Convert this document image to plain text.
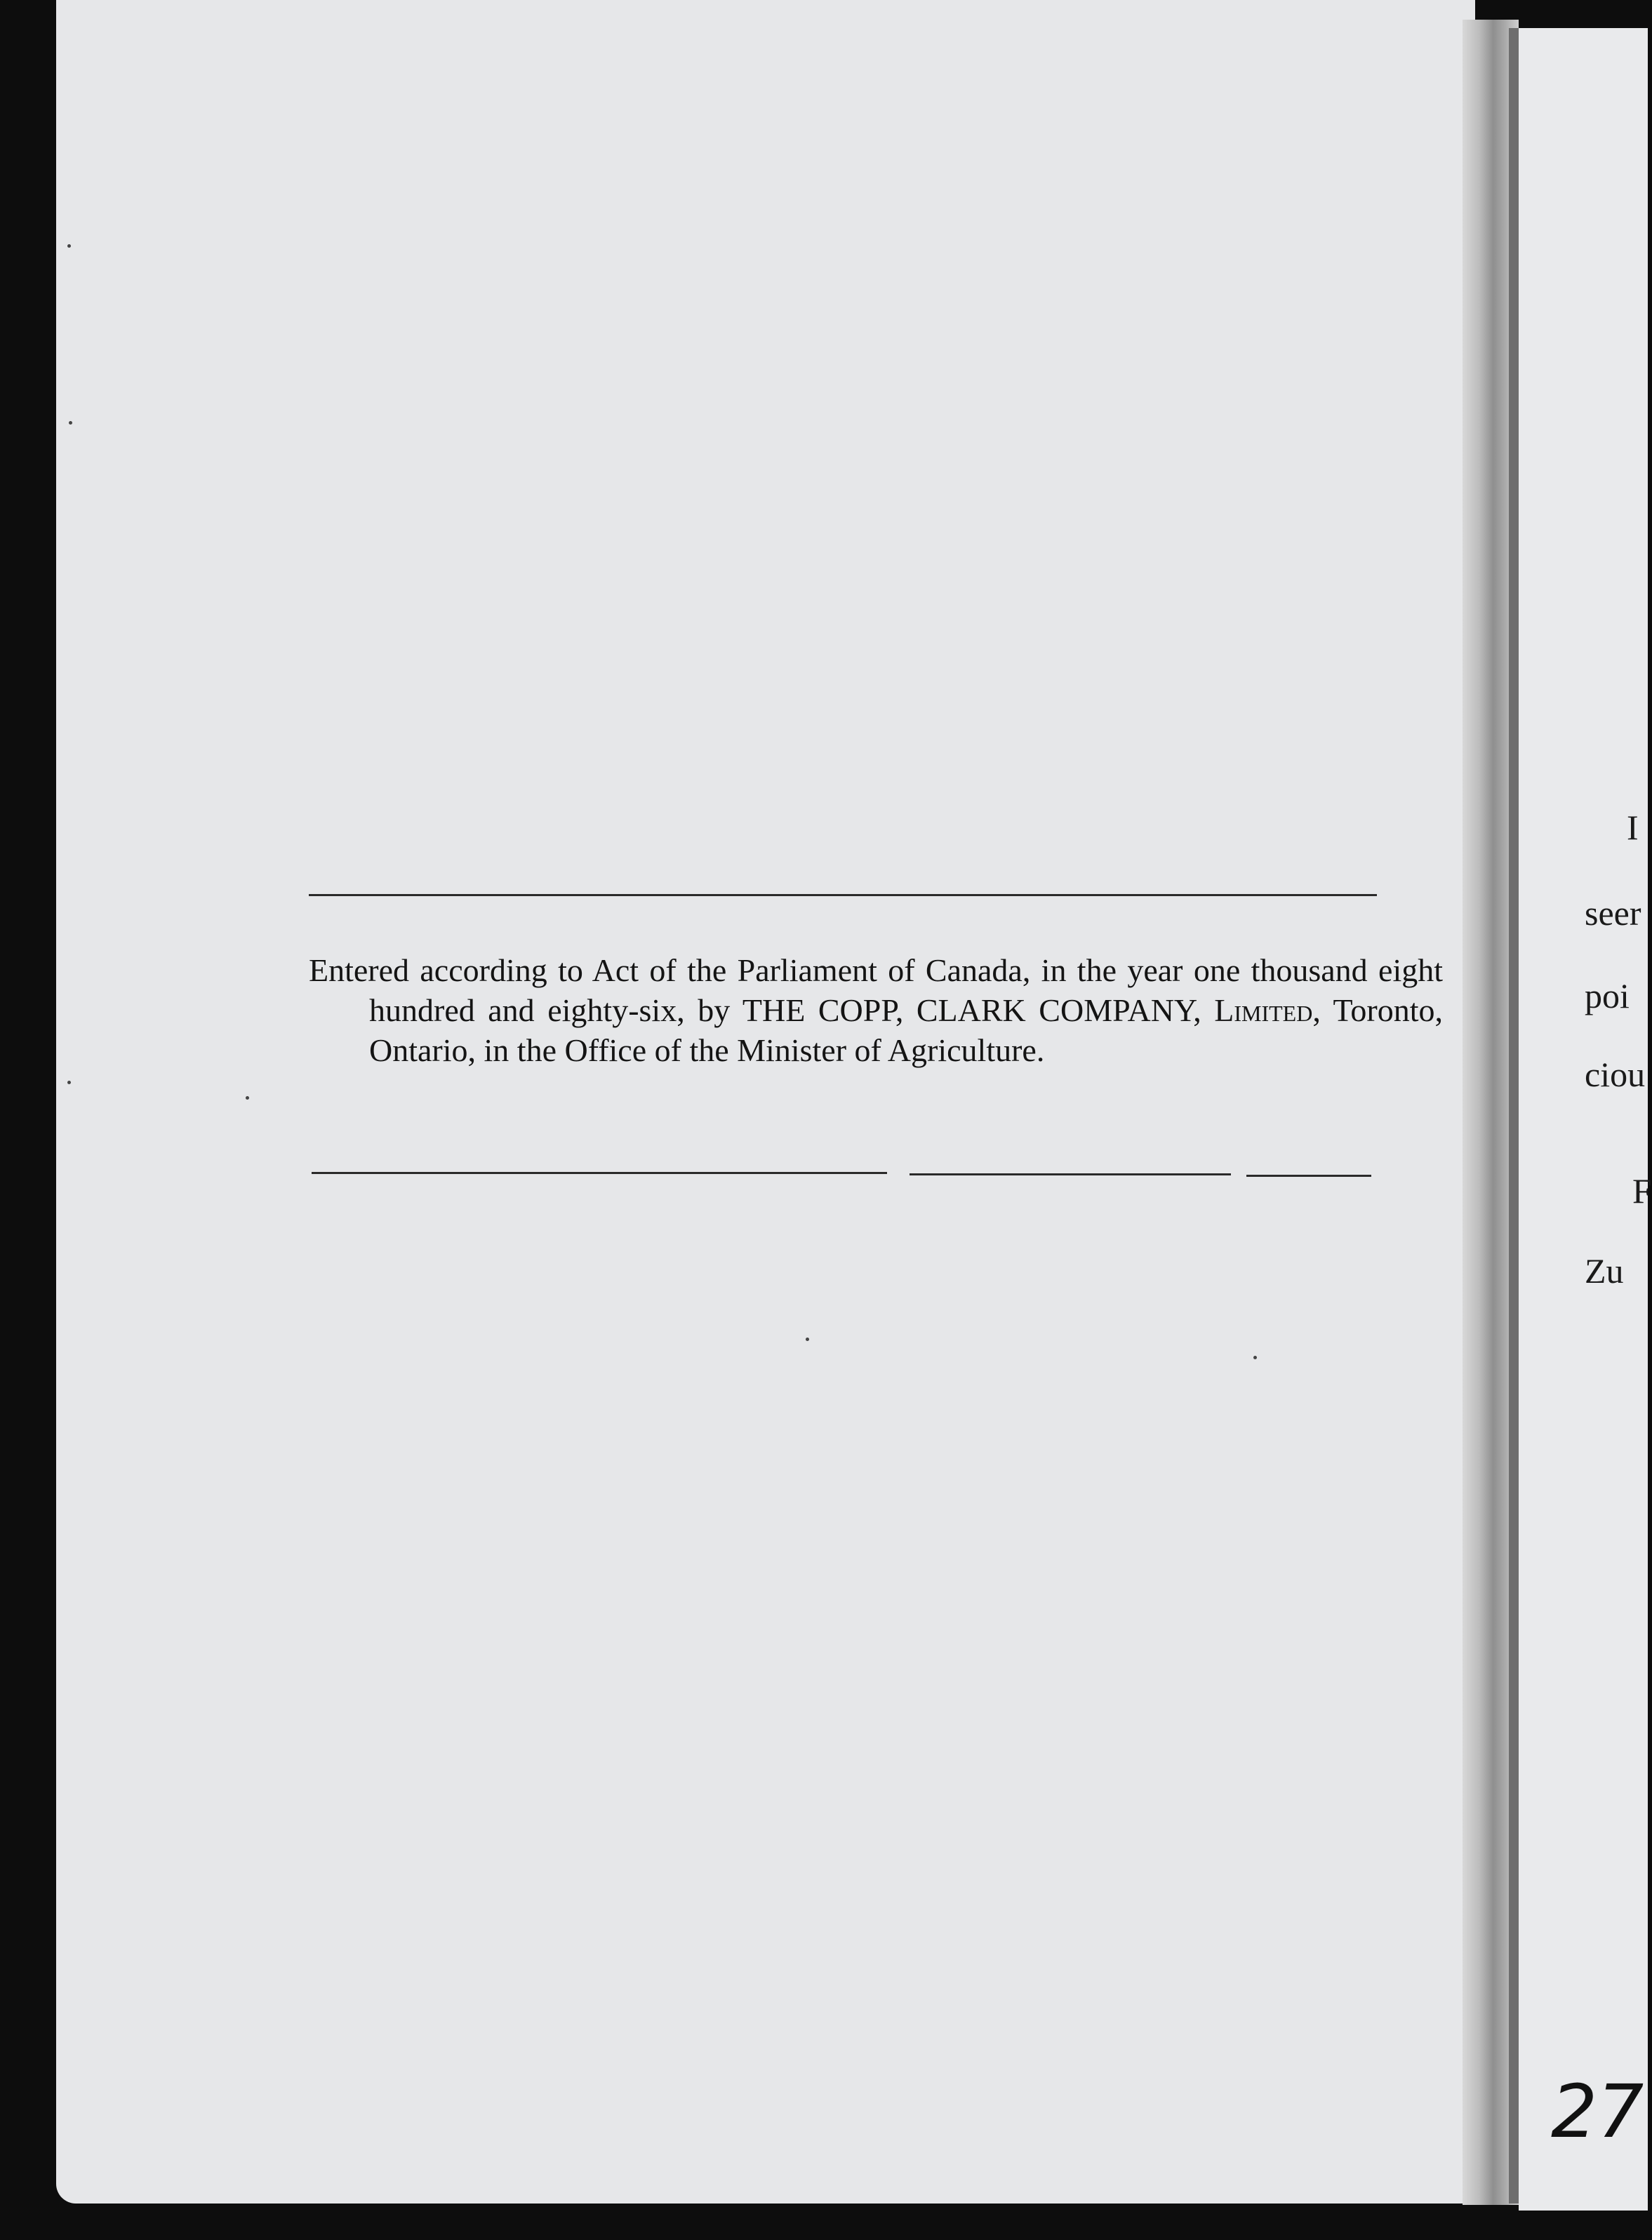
Entered according to Act of the Parliament of Canada, in the year one thousand eight hundred and eighty-six, by THE COPP, CLARK COMPANY, Limited, Toronto, Ontario, in the Office of the Minister of Agriculture.

I
seer
poi
ciou
F
Zu
27
